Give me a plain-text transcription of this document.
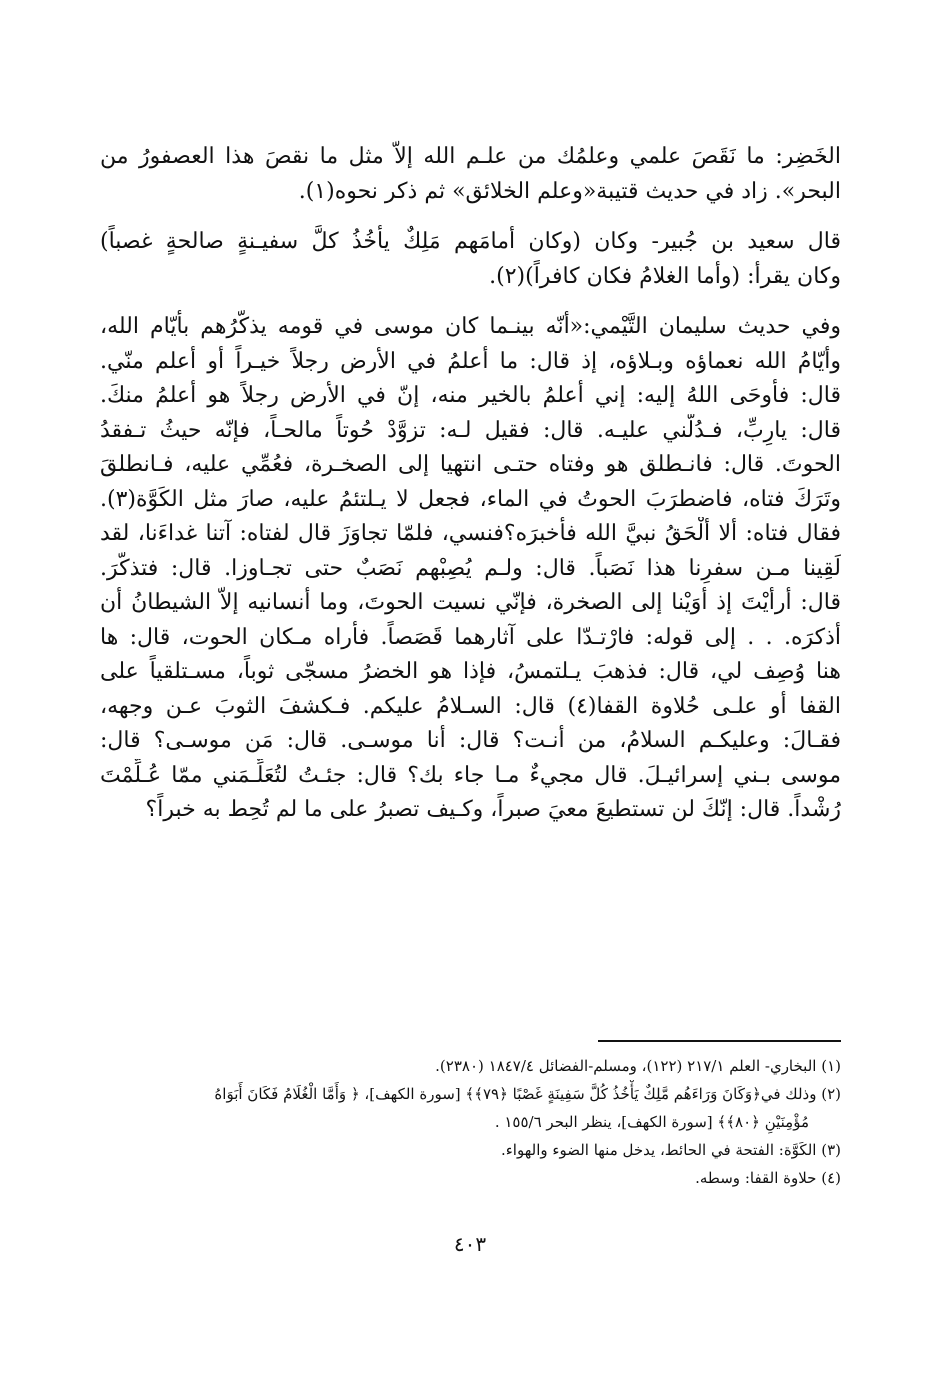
الخَضِر: ما نَقَصَ علمي وعلمُك من علـم الله إلاّ مثل ما نقصَ هذا العصفورُ من
البحر». زاد في حديث قتيبة«وعلم الخلائق» ثم ذكر نحوه(١).
قال سعيد بن جُبير- وكان (وكان أمامَهم مَلِكٌ يأخُذُ كلَّ سفيـنةٍ صالحةٍ غصباً)
وكان يقرأ: (وأما الغلامُ فكان كافراً)(٢).
وفي حديث سليمان التَّيْمي:«أنّه بينـما كان موسى في قومه يذكّرُهم بأيّام الله،
وأيّامُ الله نعماؤه وبـلاؤه، إذ قال: ما أعلمُ في الأرض رجلاً خيـراً أو أعلم منّي.
قال: فأَوحَى اللهُ إليه: إني أعلمُ بالخير منه، إنّ في الأرض رجلاً هو أعلمُ منكَ.
قال: يارِبِّ، فـدُلَّني عليـه. قال: فقيل لـه: تزوَّدْ حُوتاً مالحـاً، فإنّه حيثُ تـفقدُ
الحوتَ. قال: فانـطلق هو وفتاه حتـى انتهيا إلى الصخـرة، فعُمِّي عليه، فـانطلقَ
وتَرَكَ فتاه، فاضطرَبَ الحوتُ في الماء، فجعل لا يـلتئمُ عليه، صارَ مثل الكَوَّة(٣).
فقال فتاه: ألا ألْحَقُ نبيَّ الله فأخبرَه؟فنسي، فلمّا تجاوَزَ قال لفتاه: آتنا غداءَنا، لقد
لَقِينا مـن سفرِنا هذا نَصَباً. قال: ولـم يُصِبْهم نَصَبٌ حتى تجـاوزا. قال: فتذكَّرَ.
قال: أرأيْتَ إذ أوَيْنا إلى الصخرة، فإنّي نسيت الحوتَ، وما أنسانيه إلاّ الشيطانُ أن
أذكرَه. . . إلى قوله: فارْتـدّا على آثارهما قَصَصاً. فأراه مـكان الحوت، قال: ها
هنا وُصِف لي، قال: فذهبَ يـلتمسُ، فإذا هو الخضرُ مسجّى ثوباً، مسـتلقياً على
القفا أو علـى حُلاوة القفا(٤) قال: السـلامُ عليكم. فـكشفَ الثوبَ عـن وجهه،
فقـالَ: وعليكـم السلامُ، من أنـت؟ قال: أنا موسـى. قال: مَن موسـى؟ قال:
موسى بـني إسرائيـلَ. قال مجيءٌ مـا جاء بك؟ قال: جئـتُ لتُعَلِّـمَني ممّا عُـلِّمْتَ
رُشْداً. قال: إنّكَ لن تستطيعَ معيَ صبراً، وكـيف تصبرُ على ما لم تُحِط به خبراً؟
(١) البخاري- العلم ٢١٧/١ (١٢٢)، ومسلم-الفضائل ١٨٤٧/٤ (٢٣٨٠).
(٢) وذلك في﴿وَكَانَ وَرَاءَهُم مَّلِكٌ يَأْخُذُ كُلَّ سَفِينَةٍ غَصْبًا ﴿٧٩﴾﴾ [سورة الكهف]، ﴿ وَأَمَّا الْغُلَامُ فَكَانَ أَبَوَاهُ
مُؤْمِنَيْنِ ﴿٨٠﴾﴾ [سورة الكهف]، ينظر البحر ١٥٥/٦ .
(٣) الكَوَّة: الفتحة في الحائط، يدخل منها الضوء والهواء.
(٤) حلاوة القفا: وسطه.
٤٠٣
